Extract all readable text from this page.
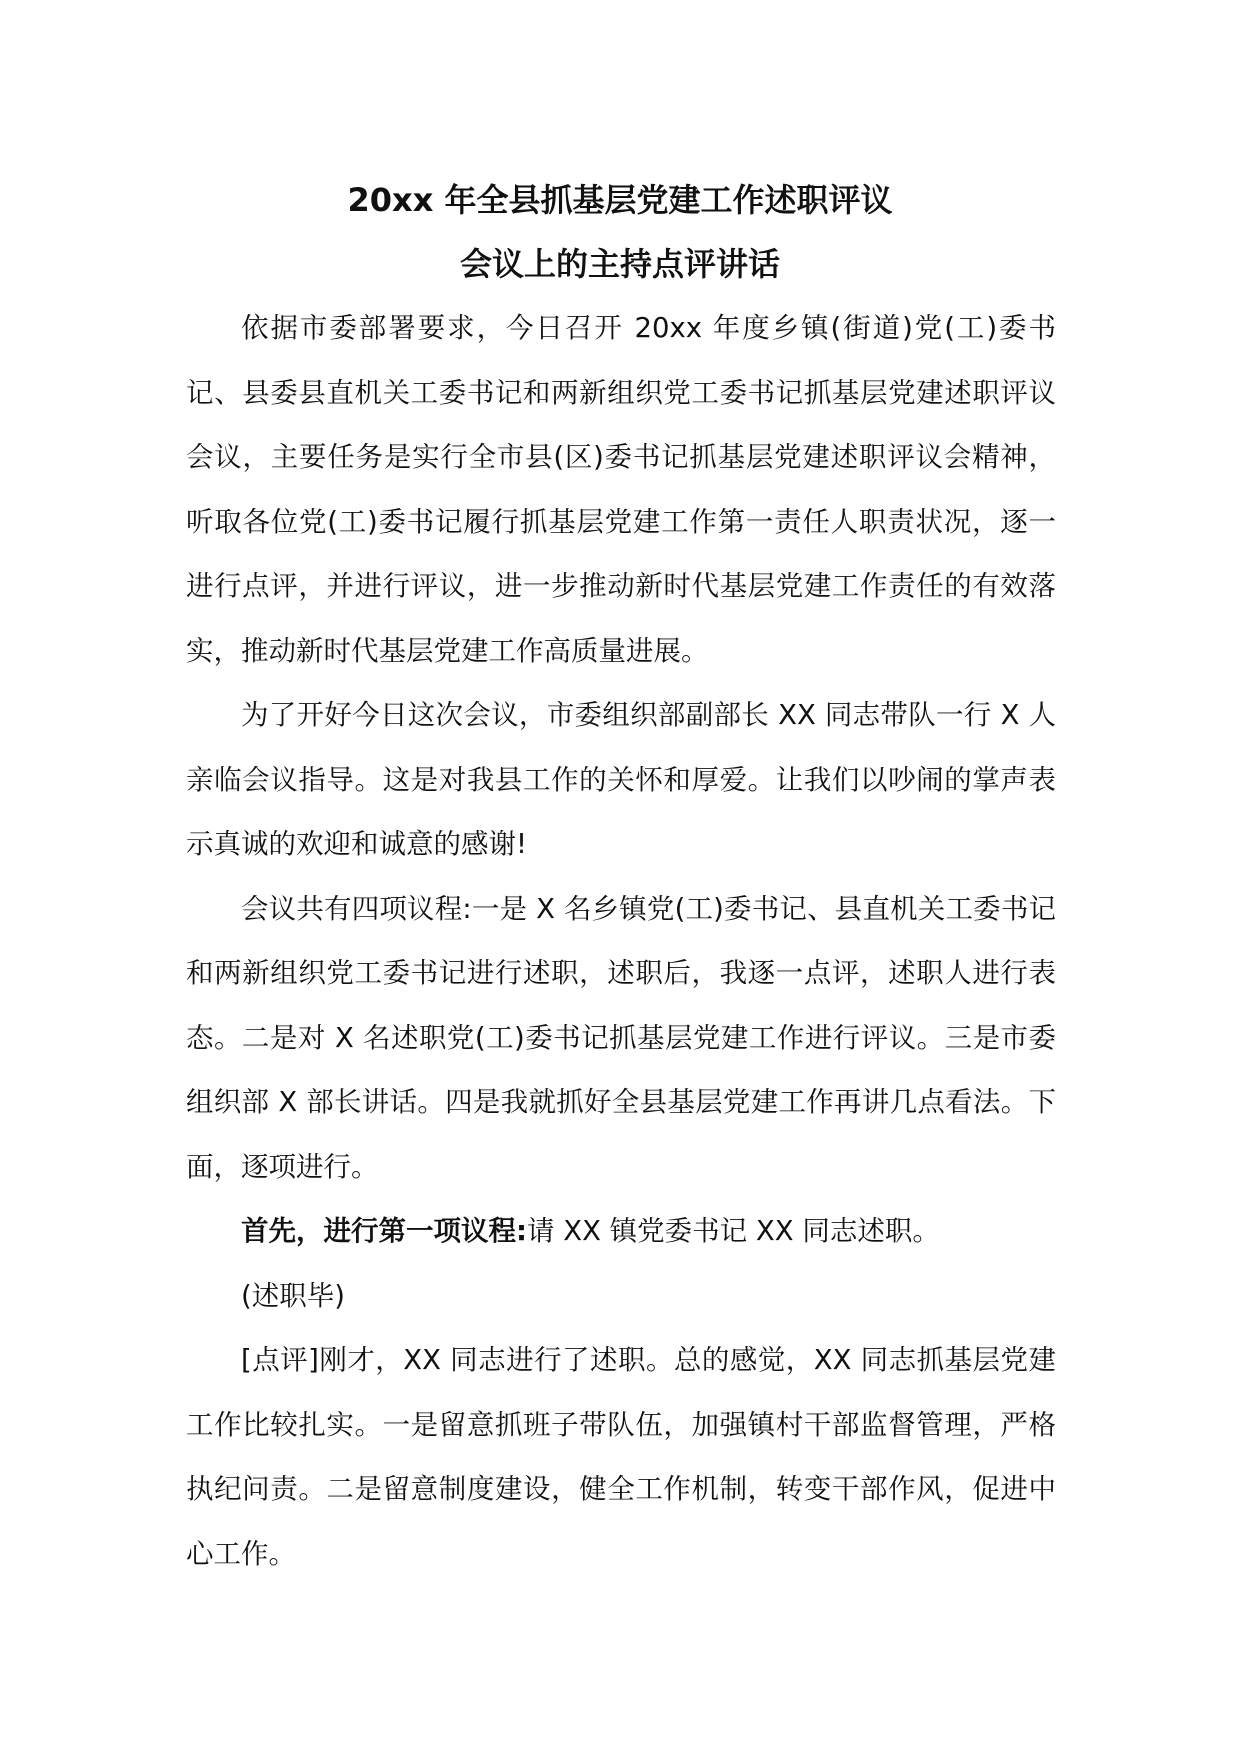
20xx 年全县抓基层党建工作述职评议
会议上的主持点评讲话

依据市委部署要求，今日召开 20xx 年度乡镇(街道)党(工)委书记、县委县直机关工委书记和两新组织党工委书记抓基层党建述职评议会议，主要任务是实行全市县(区)委书记抓基层党建述职评议会精神，听取各位党(工)委书记履行抓基层党建工作第一责任人职责状况，逐一进行点评，并进行评议，进一步推动新时代基层党建工作责任的有效落实，推动新时代基层党建工作高质量进展。

为了开好今日这次会议，市委组织部副部长 XX 同志带队一行 X 人亲临会议指导。这是对我县工作的关怀和厚爱。让我们以吵闹的掌声表示真诚的欢迎和诚意的感谢!

会议共有四项议程:一是 X 名乡镇党(工)委书记、县直机关工委书记和两新组织党工委书记进行述职，述职后，我逐一点评，述职人进行表态。二是对 X 名述职党(工)委书记抓基层党建工作进行评议。三是市委组织部 X 部长讲话。四是我就抓好全县基层党建工作再讲几点看法。下面，逐项进行。

首先，进行第一项议程:请 XX 镇党委书记 XX 同志述职。

(述职毕)

[点评]刚才，XX 同志进行了述职。总的感觉，XX 同志抓基层党建工作比较扎实。一是留意抓班子带队伍，加强镇村干部监督管理，严格执纪问责。二是留意制度建设，健全工作机制，转变干部作风，促进中心工作。
